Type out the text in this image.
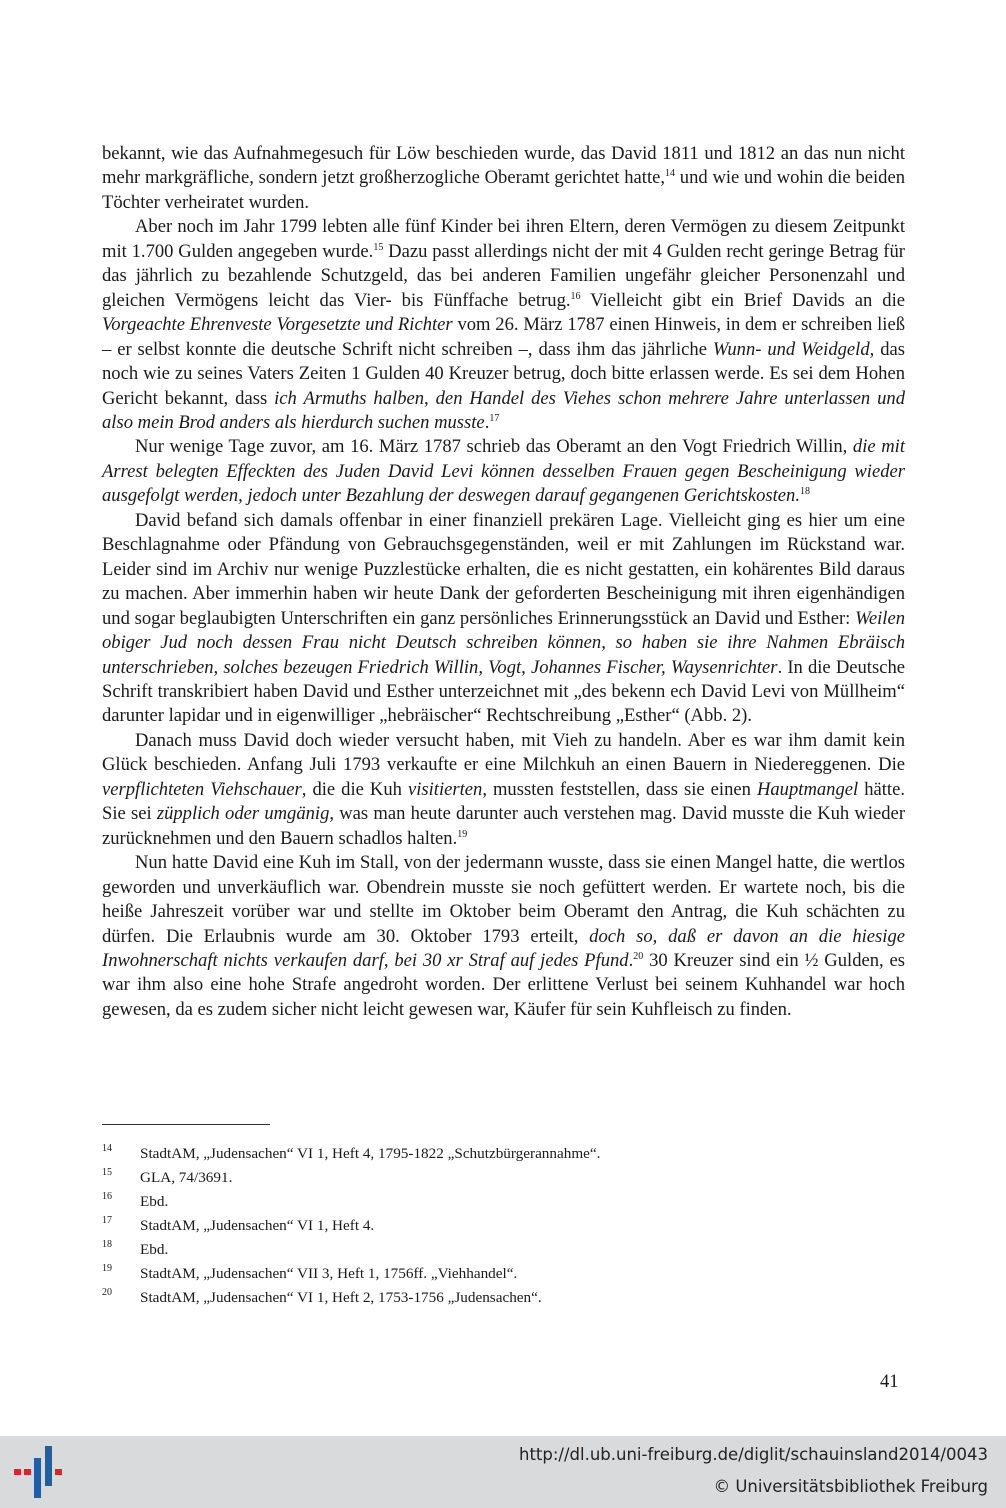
bekannt, wie das Aufnahmegesuch für Löw beschieden wurde, das David 1811 und 1812 an das nun nicht mehr markgräfliche, sondern jetzt großherzogliche Oberamt gerichtet hatte,$^{14}$ und wie und wohin die beiden Töchter verheiratet wurden.

Aber noch im Jahr 1799 lebten alle fünf Kinder bei ihren Eltern, deren Vermögen zu diesem Zeitpunkt mit 1.700 Gulden angegeben wurde.$^{15}$ Dazu passt allerdings nicht der mit 4 Gulden recht geringe Betrag für das jährlich zu bezahlende Schutzgeld, das bei anderen Familien ungefähr gleicher Personenzahl und gleichen Vermögens leicht das Vier- bis Fünffache betrug.$^{16}$ Vielleicht gibt ein Brief Davids an die Vorgeachte Ehrenveste Vorgesetzte und Richter vom 26. März 1787 einen Hinweis, in dem er schreiben ließ – er selbst konnte die deutsche Schrift nicht schreiben –, dass ihm das jährliche Wunn- und Weidgeld, das noch wie zu seines Vaters Zeiten 1 Gulden 40 Kreuzer betrug, doch bitte erlassen werde. Es sei dem Hohen Gericht bekannt, dass ich Armuths halben, den Handel des Viehes schon mehrere Jahre unterlassen und also mein Brod anders als hierdurch suchen musste.$^{17}$

Nur wenige Tage zuvor, am 16. März 1787 schrieb das Oberamt an den Vogt Friedrich Willin, die mit Arrest belegten Effeckten des Juden David Levi können desselben Frauen gegen Bescheinigung wieder ausgefolgt werden, jedoch unter Bezahlung der deswegen darauf gegangenen Gerichtskosten.$^{18}$

David befand sich damals offenbar in einer finanziell prekären Lage. Vielleicht ging es hier um eine Beschlagnahme oder Pfändung von Gebrauchsgegenständen, weil er mit Zahlungen im Rückstand war. Leider sind im Archiv nur wenige Puzzlestücke erhalten, die es nicht gestatten, ein kohärentes Bild daraus zu machen. Aber immerhin haben wir heute Dank der geforderten Bescheinigung mit ihren eigenhändigen und sogar beglaubigten Unterschriften ein ganz persönliches Erinnerungsstück an David und Esther: Weilen obiger Jud noch dessen Frau nicht Deutsch schreiben können, so haben sie ihre Nahmen Ebräisch unterschrieben, solches bezeugen Friedrich Willin, Vogt, Johannes Fischer, Waysenrichter. In die Deutsche Schrift transkribiert haben David und Esther unterzeichnet mit „des bekenn ech David Levi von Müllheim“ darunter lapidar und in eigenwilliger „hebräischer“ Rechtschreibung „Esther“ (Abb. 2).

Danach muss David doch wieder versucht haben, mit Vieh zu handeln. Aber es war ihm damit kein Glück beschieden. Anfang Juli 1793 verkaufte er eine Milchkuh an einen Bauern in Niedereggenen. Die verpflichteten Viehschauer, die die Kuh visitierten, mussten feststellen, dass sie einen Hauptmangel hätte. Sie sei züpplich oder umgänig, was man heute darunter auch verstehen mag. David musste die Kuh wieder zurücknehmen und den Bauern schadlos halten.$^{19}$

Nun hatte David eine Kuh im Stall, von der jedermann wusste, dass sie einen Mangel hatte, die wertlos geworden und unverkäuflich war. Obendrein musste sie noch gefüttert werden. Er wartete noch, bis die heiße Jahreszeit vorüber war und stellte im Oktober beim Oberamt den Antrag, die Kuh schächten zu dürfen. Die Erlaubnis wurde am 30. Oktober 1793 erteilt, doch so, daß er davon an die hiesige Inwohnerschaft nichts verkaufen darf, bei 30 xr Straf auf jedes Pfund.$^{20}$ 30 Kreuzer sind ein ½ Gulden, es war ihm also eine hohe Strafe angedroht worden. Der erlittene Verlust bei seinem Kuhhandel war hoch gewesen, da es zudem sicher nicht leicht gewesen war, Käufer für sein Kuhfleisch zu finden.

14 StadtAM, „Judensachen“ VI 1, Heft 4, 1795-1822 „Schutzbürgerannahme“.
15 GLA, 74/3691.
16 Ebd.
17 StadtAM, „Judensachen“ VI 1, Heft 4.
18 Ebd.
19 StadtAM, „Judensachen“ VII 3, Heft 1, 1756ff. „Viehhandel“.
20 StadtAM, „Judensachen“ VI 1, Heft 2, 1753-1756 „Judensachen“.
41
http://dl.ub.uni-freiburg.de/diglit/schauinsland2014/0043
© Universitätsbibliothek Freiburg
